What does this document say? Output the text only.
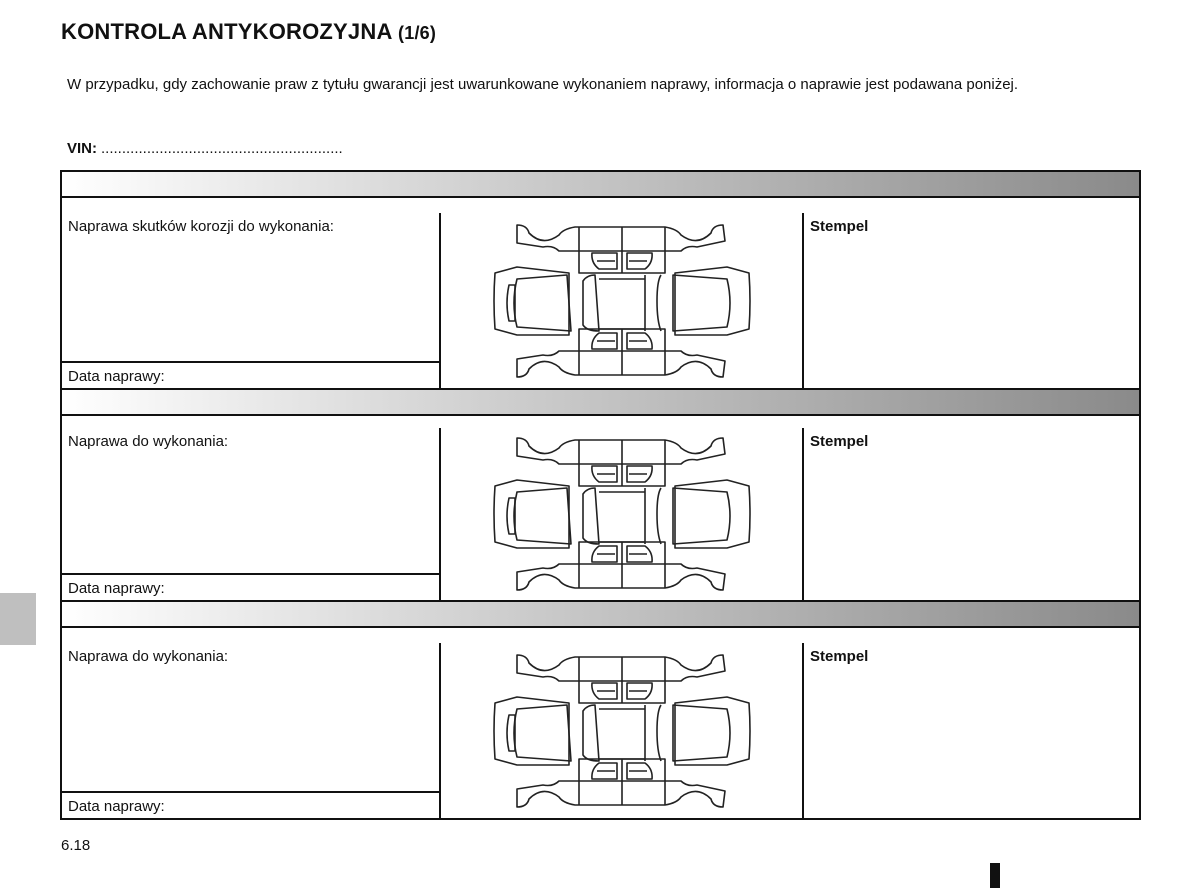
KONTROLA ANTYKOROZYJNA (1/6)

W przypadku, gdy zachowanie praw z tytułu gwarancji jest uwarunkowane wykonaniem naprawy, informacja o naprawie jest podawana poniżej.

VIN: ..........................................................
Naprawa skutków korozji do wykonania:
Data naprawy:
Stempel
Naprawa do wykonania:
Data naprawy:
Stempel
Naprawa do wykonania:
Data naprawy:
Stempel
6.18
